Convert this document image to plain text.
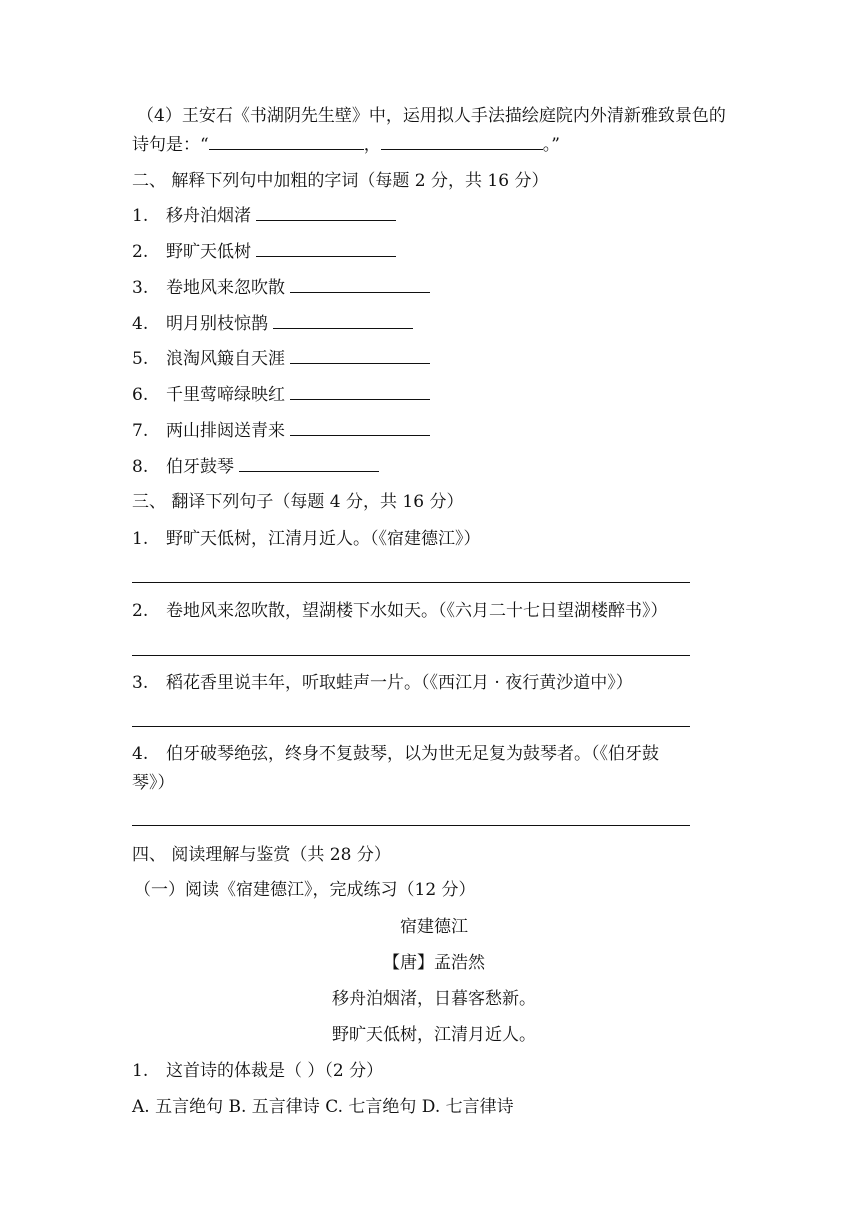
（4）王安石《书湖阴先生壁》中，运用拟人手法描绘庭院内外清新雅致景色的
诗句是：“	，	。”
二、 解释下列句中加粗的字词（每题 2 分，共 16 分）
1. 移舟泊烟渚
2. 野旷天低树
3. 卷地风来忽吹散
4. 明月别枝惊鹊
5. 浪淘风簸自天涯
6. 千里莺啼绿映红
7. 两山排闼送青来
8. 伯牙鼓琴
三、 翻译下列句子（每题 4 分，共 16 分）
1. 野旷天低树，江清月近人。（《宿建德江》）
2. 卷地风来忽吹散，望湖楼下水如天。（《六月二十七日望湖楼醉书》）
3. 稻花香里说丰年，听取蛙声一片。（《西江月 · 夜行黄沙道中》）
4. 伯牙破琴绝弦，终身不复鼓琴，以为世无足复为鼓琴者。（《伯牙鼓
琴》）
四、 阅读理解与鉴赏（共 28 分）
（一）阅读《宿建德江》，完成练习（12 分）
宿建德江
【唐】孟浩然
移舟泊烟渚，日暮客愁新。
野旷天低树，江清月近人。
1. 这首诗的体裁是（ ）（2 分）
A. 五言绝句 B. 五言律诗 C. 七言绝句 D. 七言律诗
